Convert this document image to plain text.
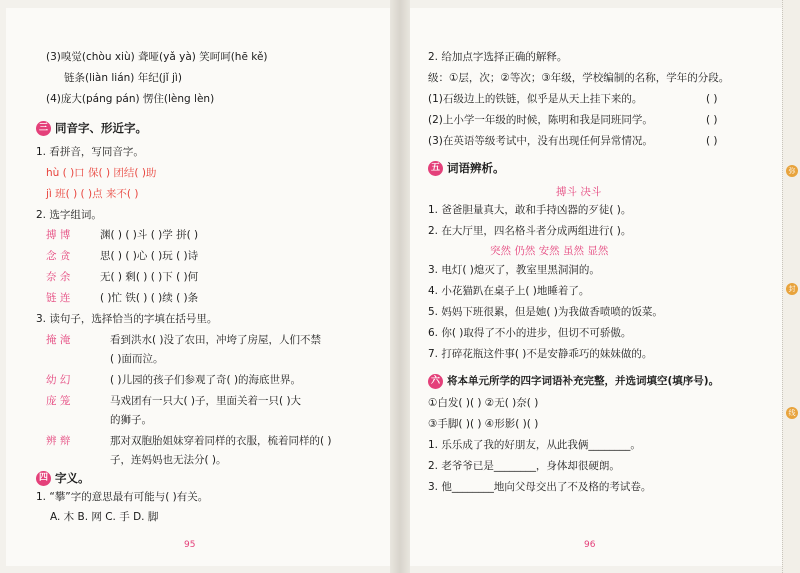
(3)嗅觉(chòu xiù) 聋哑(yǎ yà) 笑呵呵(hē kě)
链条(liàn lián) 年纪(jǐ jì)
(4)庞大(páng pán) 愣住(lèng lèn)
三 同音字、形近字。
1. 看拼音，写同音字。
hù ( )口 保( ) 团结( )助
jì 班( ) ( )点 来不( )
2. 选字组词。
搏 博	渊( ) ( )斗 ( )学 拼( )
念 贪	思( ) ( )心 ( )玩 ( )诗
奈 余	无( ) 剩( ) ( )下 ( )何
链 连	( )忙 铁( ) ( )续 ( )条
3. 读句子，选择恰当的字填在括号里。
掩 淹	看到洪水( )没了农田，冲垮了房屋，人们不禁
( )面而泣。
幼 幻	( )儿园的孩子们参观了奇( )的海底世界。
庞 笼	马戏团有一只大( )子，里面关着一只( )大
的狮子。
辨 辩	那对双胞胎姐妹穿着同样的衣服，梳着同样的( )
子，连妈妈也无法分( )。
四 字义。
1. “攀”字的意思最有可能与( )有关。
A. 木 B. 网 C. 手 D. 脚
95
2. 给加点字选择正确的解释。
级：①层，次；②等次；③年级，学校编制的名称，学年的分段。
(1)石级边上的铁链，似乎是从天上挂下来的。	( )
(2)上小学一年级的时候，陈明和我是同班同学。	( )
(3)在英语等级考试中，没有出现任何异常情况。	( )
五 词语辨析。
搏斗 决斗
1. 爸爸胆量真大，敢和手持凶器的歹徒( )。
2. 在大厅里，四名格斗者分成两组进行( )。
突然 仍然 安然 虽然 显然
3. 电灯( )熄灭了，教室里黑洞洞的。
4. 小花猫趴在桌子上( )地睡着了。
5. 妈妈下班很累，但是她( )为我做香喷喷的饭菜。
6. 你( )取得了不小的进步，但切不可骄傲。
7. 打碎花瓶这件事( )不是安静乖巧的妹妹做的。
六 将本单元所学的四字词语补充完整，并选词填空(填序号)。
①白发( )( ) ②无( )奈( )
③手脚( )( ) ④形影( )( )
1. 乐乐成了我的好朋友，从此我俩________。
2. 老爷爷已是________，身体却很硬朗。
3. 他________地向父母交出了不及格的考试卷。
96
弥
封
线
